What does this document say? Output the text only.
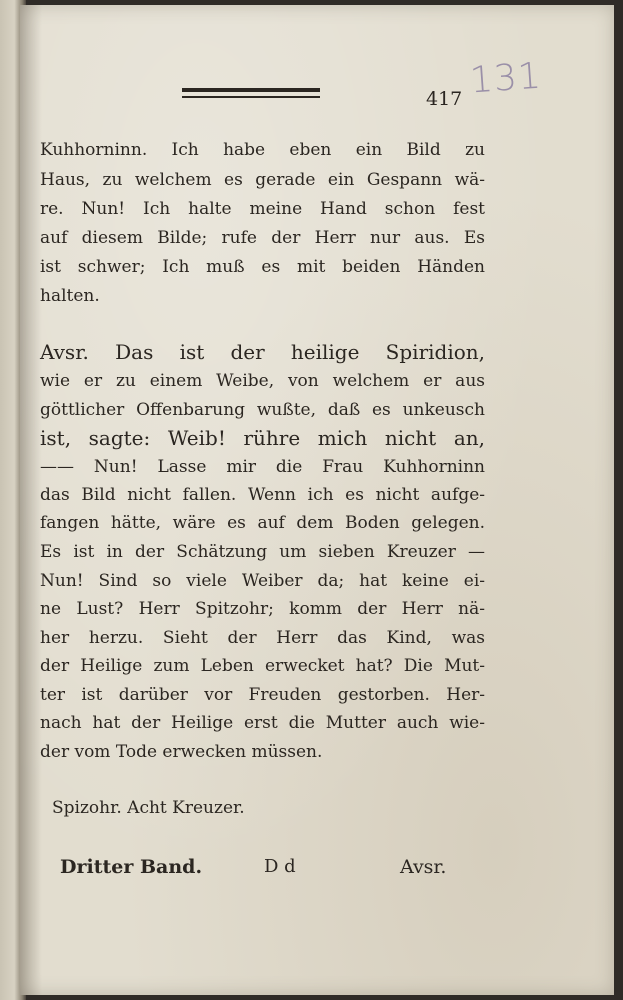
417 131
Kuhhorninn. Ich habe eben ein Bild zu
Haus, zu welchem es gerade ein Gespann wä-
re. Nun! Ich halte meine Hand schon fest
auf diesem Bilde; rufe der Herr nur aus. Es
ist schwer; Ich muß es mit beiden Händen
halten.
Avsr. Das ist der heilige Spiridion,
wie er zu einem Weibe, von welchem er aus
göttlicher Offenbarung wußte, daß es unkeusch
ist, sagte: Weib! rühre mich nicht an,
—— Nun! Lasse mir die Frau Kuhhorninn
das Bild nicht fallen. Wenn ich es nicht aufge-
fangen hätte, wäre es auf dem Boden gelegen.
Es ist in der Schätzung um sieben Kreuzer —
Nun! Sind so viele Weiber da; hat keine ei-
ne Lust? Herr Spitzohr; komm der Herr nä-
her herzu. Sieht der Herr das Kind, was
der Heilige zum Leben erwecket hat? Die Mut-
ter ist darüber vor Freuden gestorben. Her-
nach hat der Heilige erst die Mutter auch wie-
der vom Tode erwecken müssen.
Spizohr. Acht Kreuzer.
Dritter Band.	D d	Avsr.
